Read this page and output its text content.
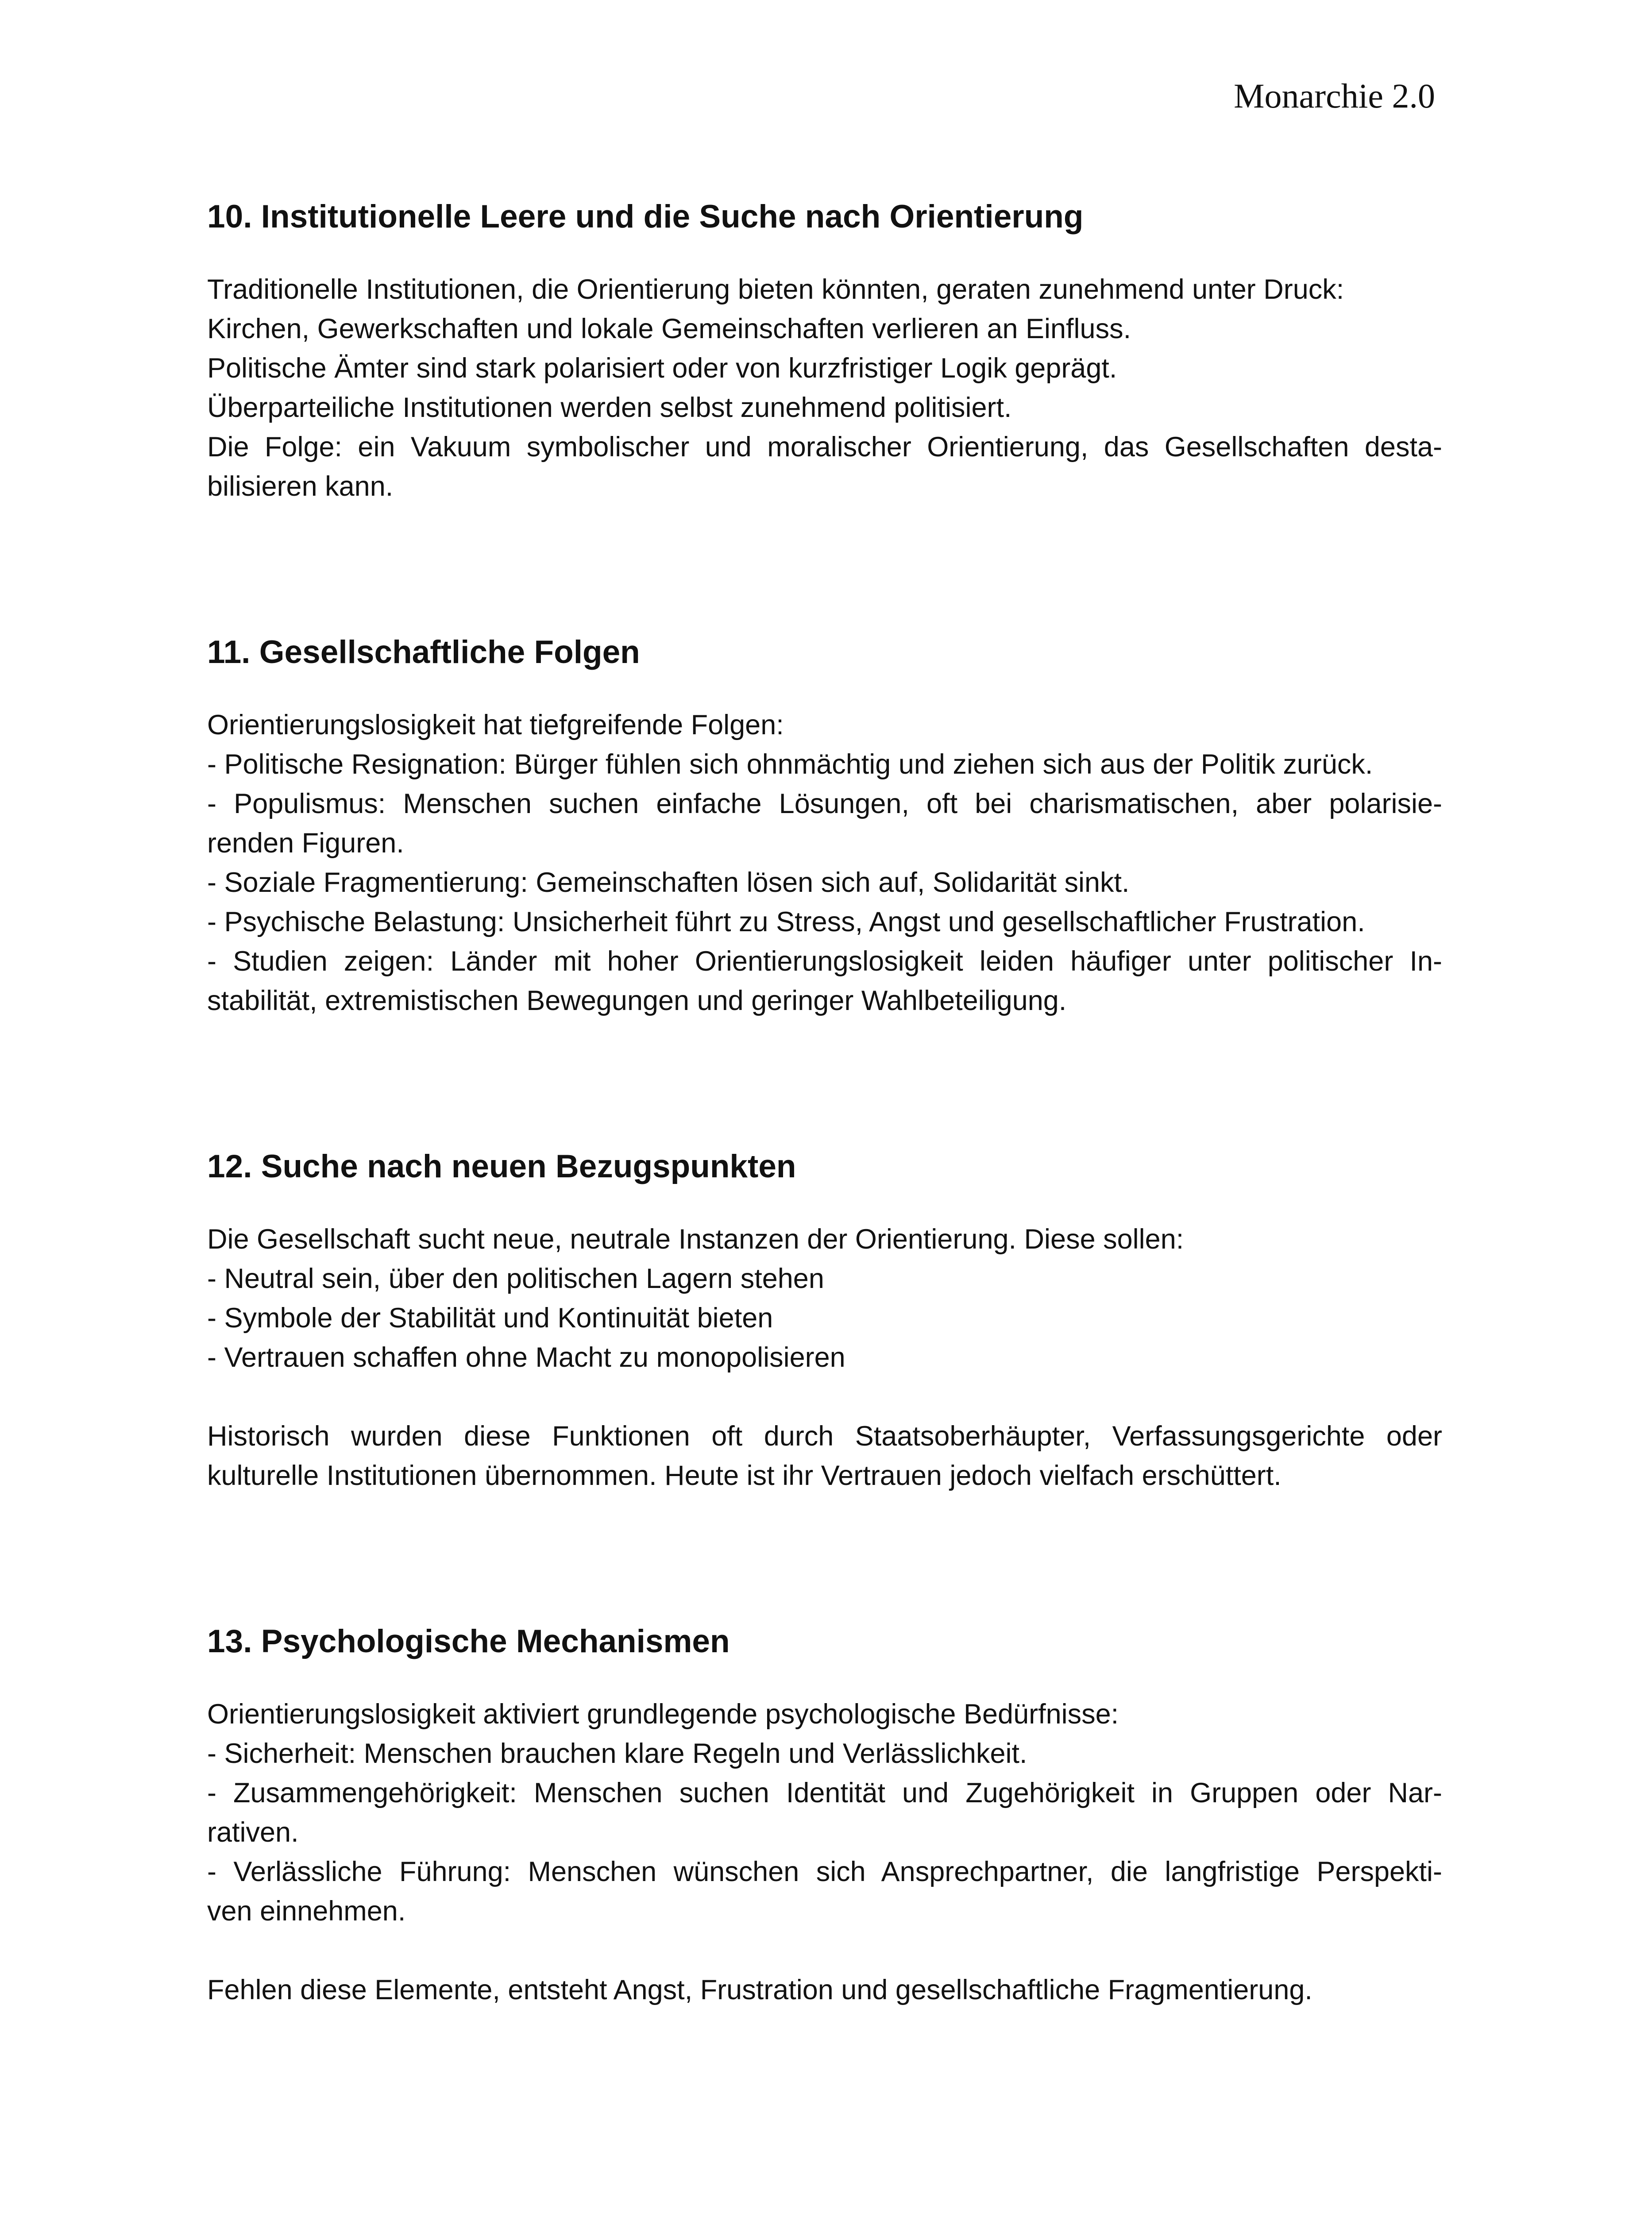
Monarchie 2.0
10. Institutionelle Leere und die Suche nach Orientierung
Traditionelle Institutionen, die Orientierung bieten könnten, geraten zunehmend unter Druck:
Kirchen, Gewerkschaften und lokale Gemeinschaften verlieren an Einfluss.
Politische Ämter sind stark polarisiert oder von kurzfristiger Logik geprägt.
Überparteiliche Institutionen werden selbst zunehmend politisiert.
Die Folge: ein Vakuum symbolischer und moralischer Orientierung, das Gesellschaften desta-
bilisieren kann.
11. Gesellschaftliche Folgen
Orientierungslosigkeit hat tiefgreifende Folgen:
- Politische Resignation: Bürger fühlen sich ohnmächtig und ziehen sich aus der Politik zurück.
- Populismus: Menschen suchen einfache Lösungen, oft bei charismatischen, aber polarisie-
renden Figuren.
- Soziale Fragmentierung: Gemeinschaften lösen sich auf, Solidarität sinkt.
- Psychische Belastung: Unsicherheit führt zu Stress, Angst und gesellschaftlicher Frustration.
- Studien zeigen: Länder mit hoher Orientierungslosigkeit leiden häufiger unter politischer In-
stabilität, extremistischen Bewegungen und geringer Wahlbeteiligung.
12. Suche nach neuen Bezugspunkten
Die Gesellschaft sucht neue, neutrale Instanzen der Orientierung. Diese sollen:
- Neutral sein, über den politischen Lagern stehen
- Symbole der Stabilität und Kontinuität bieten
- Vertrauen schaffen ohne Macht zu monopolisieren
Historisch wurden diese Funktionen oft durch Staatsoberhäupter, Verfassungsgerichte oder
kulturelle Institutionen übernommen. Heute ist ihr Vertrauen jedoch vielfach erschüttert.
13. Psychologische Mechanismen
Orientierungslosigkeit aktiviert grundlegende psychologische Bedürfnisse:
- Sicherheit: Menschen brauchen klare Regeln und Verlässlichkeit.
- Zusammengehörigkeit: Menschen suchen Identität und Zugehörigkeit in Gruppen oder Nar-
rativen.
- Verlässliche Führung: Menschen wünschen sich Ansprechpartner, die langfristige Perspekti-
ven einnehmen.
Fehlen diese Elemente, entsteht Angst, Frustration und gesellschaftliche Fragmentierung.
